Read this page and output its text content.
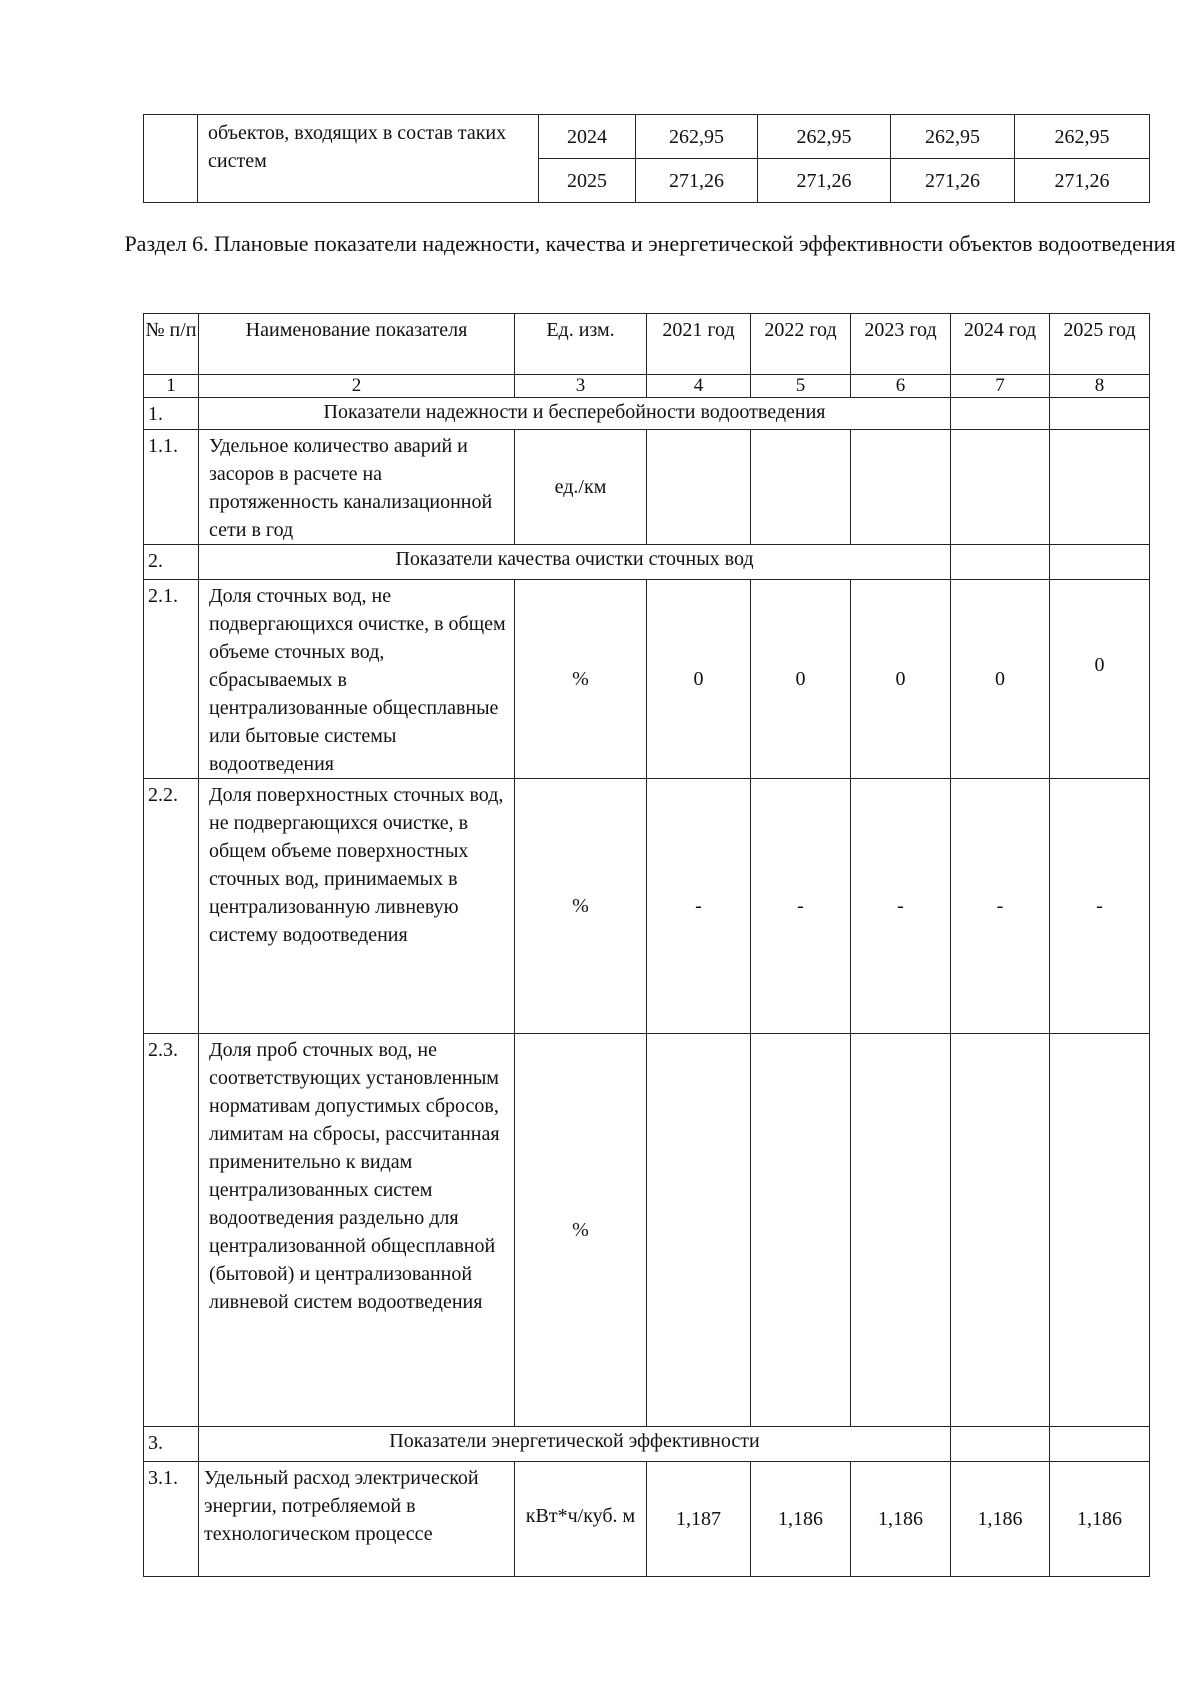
	объектов, входящих в состав таких систем	2024	262,95	262,95	262,95	262,95
		2025	271,26	271,26	271,26	271,26
Раздел 6. Плановые показатели надежности, качества и энергетической эффективности объектов водоотведения
№ п/п	Наименование показателя	Ед. изм.	2021 год	2022 год	2023 год	2024 год	2025 год
1	2	3	4	5	6	7	8
1.	Показатели надежности и бесперебойности водоотведения						
1.1.	Удельное количество аварий и засоров в расчете на протяженность канализационной сети в год	ед./км					
2.	Показатели качества очистки сточных вод						
2.1.	Доля сточных вод, не подвергающихся очистке, в общем объеме сточных вод, сбрасываемых в централизованные общесплавные или бытовые системы водоотведения	%	0	0	0	0	0
2.2.	Доля поверхностных сточных вод, не подвергающихся очистке, в общем объеме поверхностных сточных вод, принимаемых в централизованную ливневую систему водоотведения	%	-	-	-	-	-
2.3.	Доля проб сточных вод, не соответствующих установленным нормативам допустимых сбросов, лимитам на сбросы, рассчитанная применительно к видам централизованных систем водоотведения раздельно для централизованной общесплавной (бытовой) и централизованной ливневой систем водоотведения	%					
3.	Показатели энергетической эффективности						
3.1.	Удельный расход электрической энергии, потребляемой в технологическом процессе	кВт*ч/куб. м	1,187	1,186	1,186	1,186	1,186
